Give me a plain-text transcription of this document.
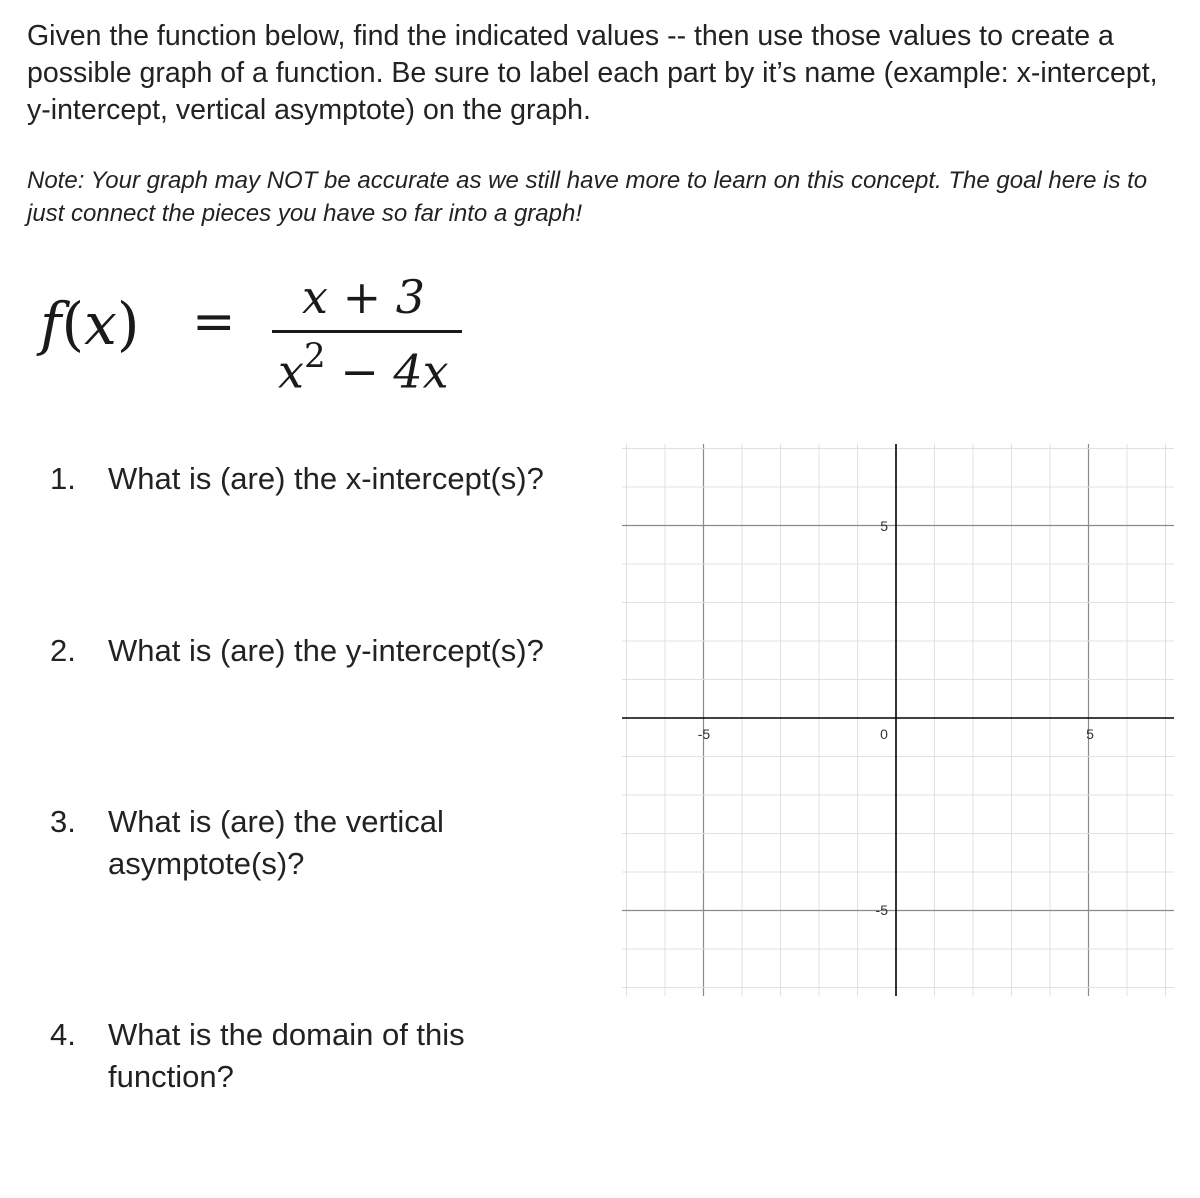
Given the function below, find the indicated values -- then use those values to create a possible graph of a function. Be sure to label each part by it’s name (example: x-intercept, y-intercept, vertical asymptote) on the graph.

Note: Your graph may NOT be accurate as we still have more to learn on this concept. The goal here is to just connect the pieces you have so far into a graph!

f(x) = x + 3
$x^2 - 4x$
1.	What is (are) the x-intercept(s)?
2.	What is (are) the y-intercept(s)?
3.	What is (are) the vertical asymptote(s)?
4.	What is the domain of this function?
-5	0	5
5
-5
